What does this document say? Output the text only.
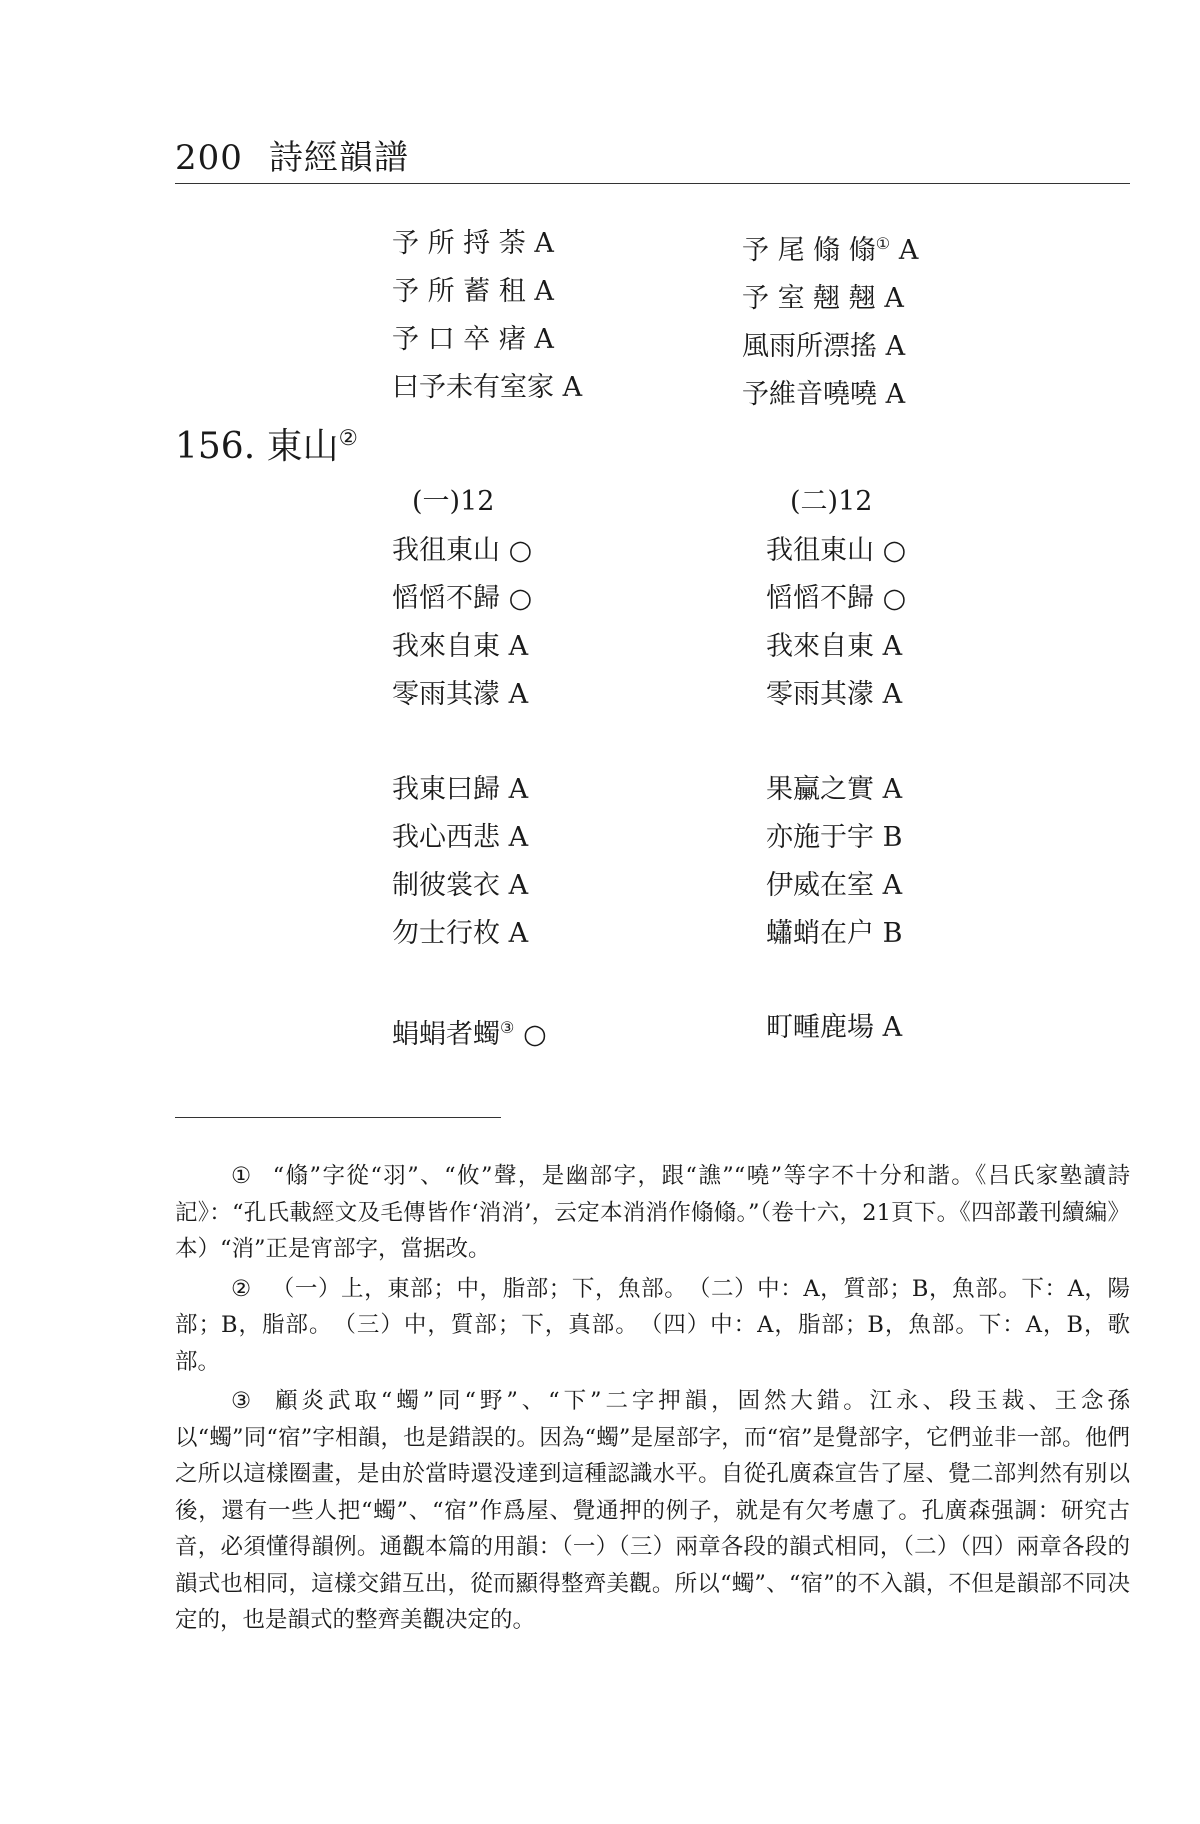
200 詩經韻譜
予 所 捋 荼 A
予 所 蓄 租 A
予 口 卒 瘏 A
曰予未有室家 A
予 尾 翛 翛① A
予 室 翹 翹 A
風雨所漂搖 A
予維音嘵嘵 A
156. 東山②
(一)12	(二)12
我徂東山 ○
慆慆不歸 ○
我來自東 A
零雨其濛 A
我徂東山 ○
慆慆不歸 ○
我來自東 A
零雨其濛 A
我東曰歸 A
我心西悲 A
制彼裳衣 A
勿士行枚 A
果臝之實 A
亦施于宇 B
伊威在室 A
蠨蛸在户 B
蜎蜎者蠋③ ○	町畽鹿場 A

① “翛”字從“羽”、“攸”聲，是幽部字，跟“譙”“嘵”等字不十分和諧。《吕氏家塾讀詩記》：“孔氏載經文及毛傳皆作‘消消’，云定本消消作翛翛。”（卷十六，21頁下。《四部叢刊續編》本）“消”正是宵部字，當据改。

② （一）上，東部；中，脂部；下，魚部。　（二）中：A，質部；B，魚部。下：A，陽部；B，脂部。　（三）中，質部；下，真部。　（四）中：A，脂部；B，魚部。下：A，B，歌部。

③ 顧炎武取“蠋”同“野”、“下”二字押韻，固然大錯。江永、段玉裁、王念孫以“蠋”同“宿”字相韻，也是錯誤的。因為“蠋”是屋部字，而“宿”是覺部字，它們並非一部。他們之所以這樣圈畫，是由於當時還没達到這種認識水平。自從孔廣森宣告了屋、覺二部判然有别以後，還有一些人把“蠋”、“宿”作爲屋、覺通押的例子，就是有欠考慮了。孔廣森强調：研究古音，必須懂得韻例。通觀本篇的用韻：（一）（三）兩章各段的韻式相同，（二）（四）兩章各段的韻式也相同，這樣交錯互出，從而顯得整齊美觀。所以“蠋”、“宿”的不入韻，不但是韻部不同决定的，也是韻式的整齊美觀决定的。
